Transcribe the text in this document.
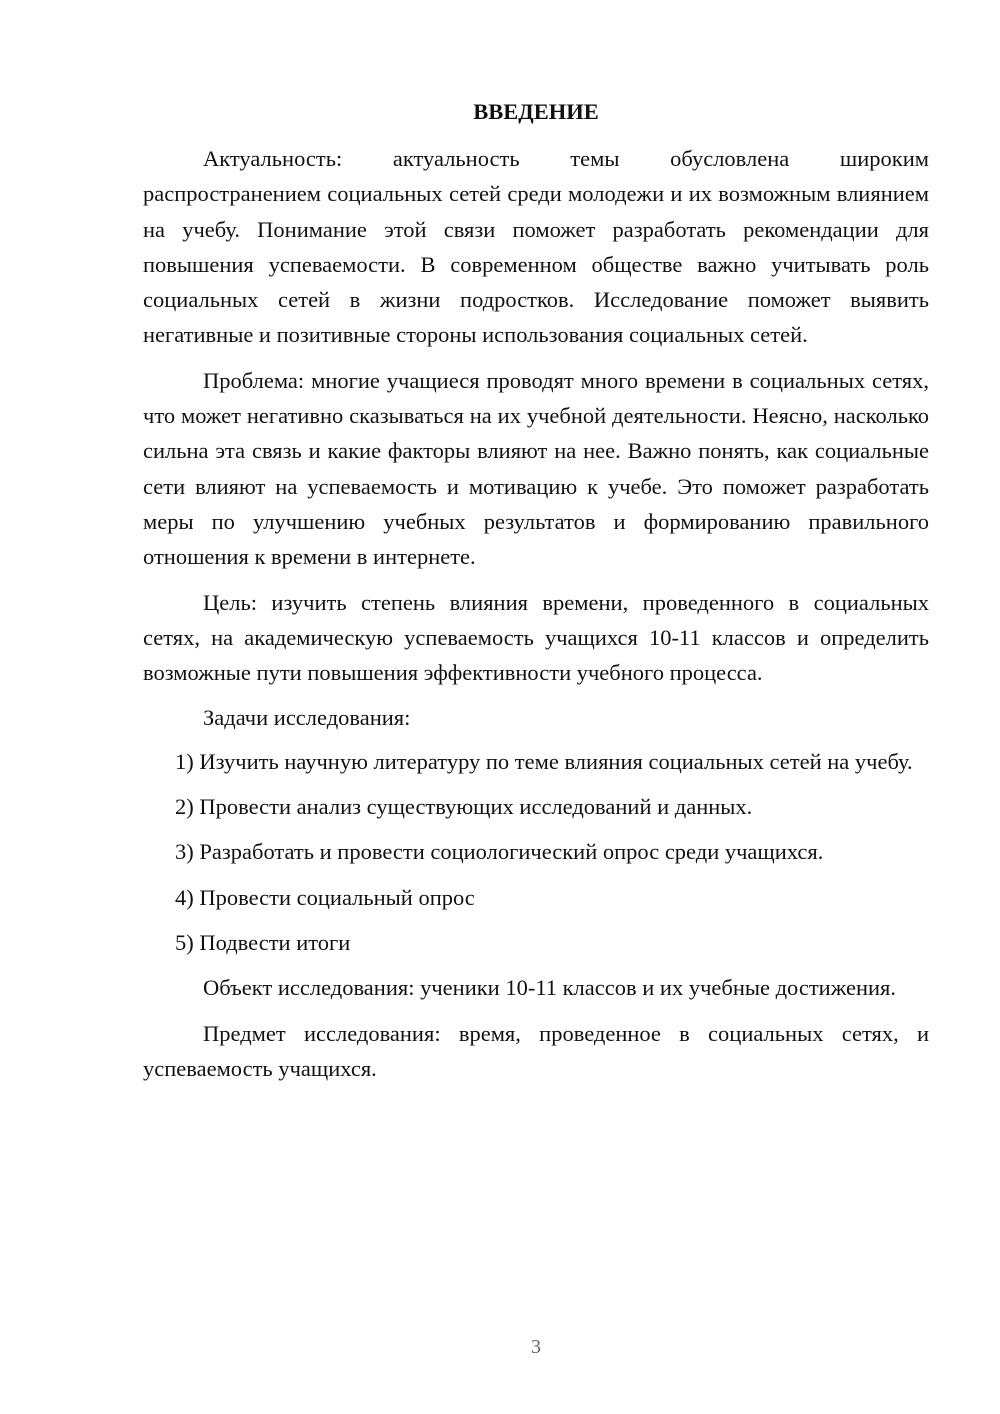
ВВЕДЕНИЕ

Актуальность: актуальность темы обусловлена широким распространением социальных сетей среди молодежи и их возможным влиянием на учебу. Понимание этой связи поможет разработать рекомендации для повышения успеваемости. В современном обществе важно учитывать роль социальных сетей в жизни подростков. Исследование поможет выявить негативные и позитивные стороны использования социальных сетей.

Проблема: многие учащиеся проводят много времени в социальных сетях, что может негативно сказываться на их учебной деятельности. Неясно, насколько сильна эта связь и какие факторы влияют на нее. Важно понять, как социальные сети влияют на успеваемость и мотивацию к учебе. Это поможет разработать меры по улучшению учебных результатов и формированию правильного отношения к времени в интернете.

Цель: изучить степень влияния времени, проведенного в социальных сетях, на академическую успеваемость учащихся 10-11 классов и определить возможные пути повышения эффективности учебного процесса.

Задачи исследования:

1) Изучить научную литературу по теме влияния социальных сетей на учебу.

2) Провести анализ существующих исследований и данных.

3) Разработать и провести социологический опрос среди учащихся.

4) Провести социальный опрос

5) Подвести итоги

Объект исследования: ученики 10-11 классов и их учебные достижения.

Предмет исследования: время, проведенное в социальных сетях, и успеваемость учащихся.

3
